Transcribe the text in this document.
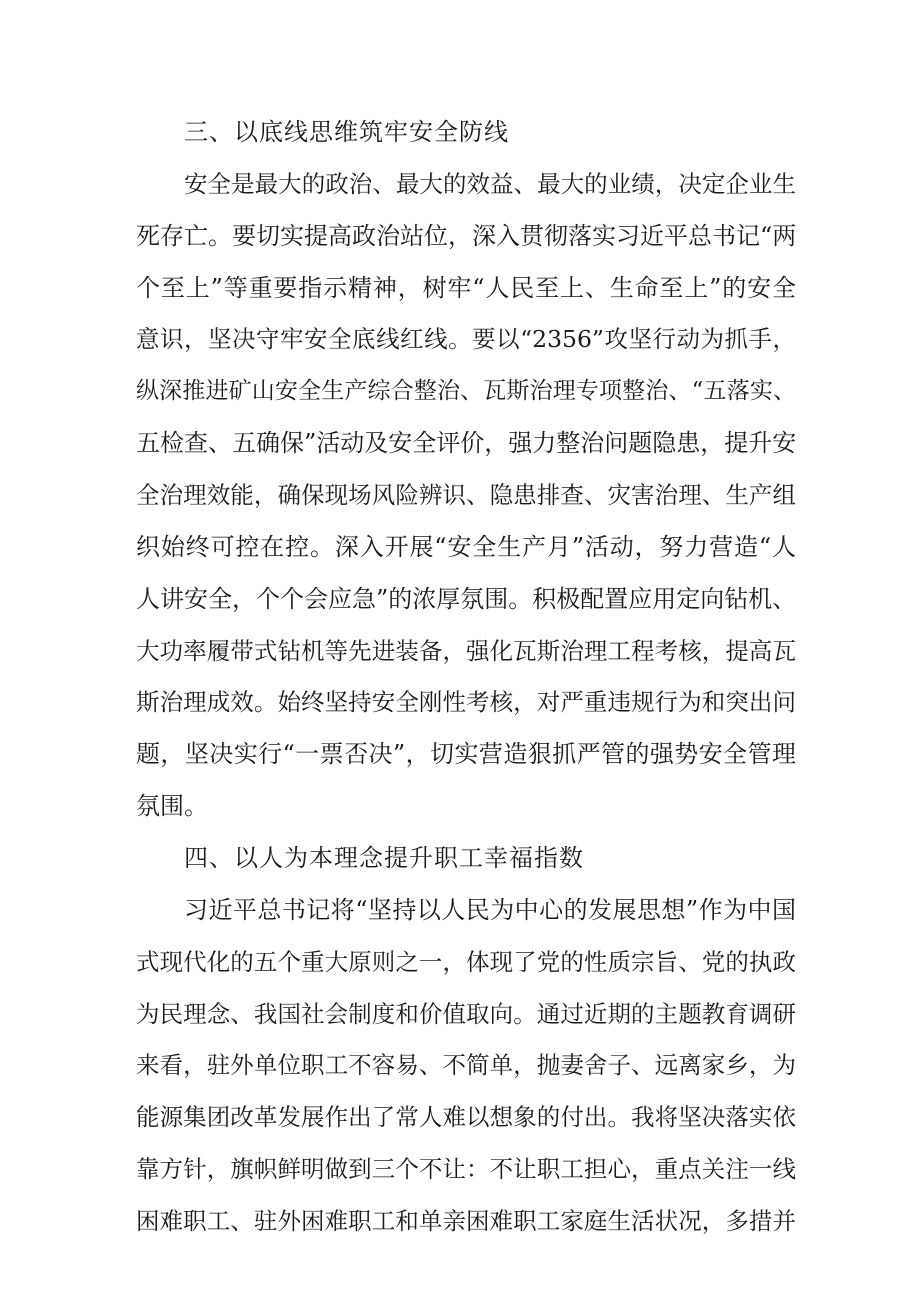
三、以底线思维筑牢安全防线
安全是最大的政治、最大的效益、最大的业绩，决定企业生
死存亡。要切实提高政治站位，深入贯彻落实习近平总书记“两
个至上”等重要指示精神，树牢“人民至上、生命至上”的安全
意识，坚决守牢安全底线红线。要以“2356”攻坚行动为抓手，
纵深推进矿山安全生产综合整治、瓦斯治理专项整治、“五落实、
五检查、五确保”活动及安全评价，强力整治问题隐患，提升安
全治理效能，确保现场风险辨识、隐患排查、灾害治理、生产组
织始终可控在控。深入开展“安全生产月”活动，努力营造“人
人讲安全，个个会应急”的浓厚氛围。积极配置应用定向钻机、
大功率履带式钻机等先进装备，强化瓦斯治理工程考核，提高瓦
斯治理成效。始终坚持安全刚性考核，对严重违规行为和突出问
题，坚决实行“一票否决”，切实营造狠抓严管的强势安全管理
氛围。
四、以人为本理念提升职工幸福指数
习近平总书记将“坚持以人民为中心的发展思想”作为中国
式现代化的五个重大原则之一，体现了党的性质宗旨、党的执政
为民理念、我国社会制度和价值取向。通过近期的主题教育调研
来看，驻外单位职工不容易、不简单，抛妻舍子、远离家乡，为
能源集团改革发展作出了常人难以想象的付出。我将坚决落实依
靠方针，旗帜鲜明做到三个不让：不让职工担心，重点关注一线
困难职工、驻外困难职工和单亲困难职工家庭生活状况，多措并
